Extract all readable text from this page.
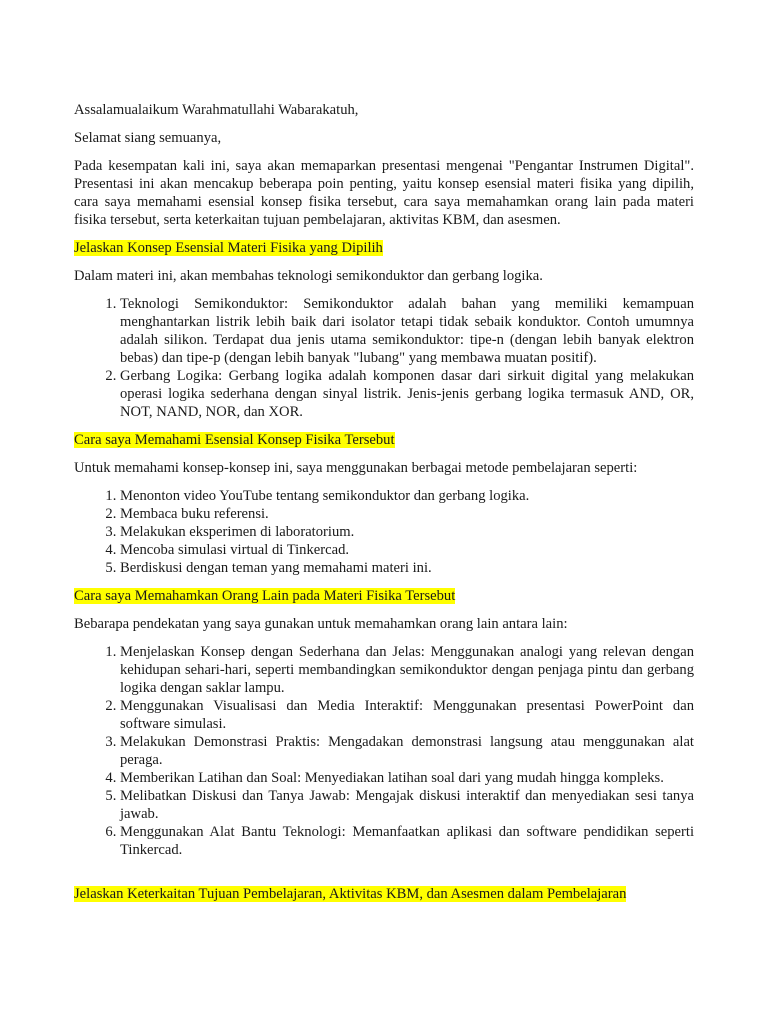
Assalamualaikum Warahmatullahi Wabarakatuh,

Selamat siang semuanya,

Pada kesempatan kali ini, saya akan memaparkan presentasi mengenai "Pengantar Instrumen Digital". Presentasi ini akan mencakup beberapa poin penting, yaitu konsep esensial materi fisika yang dipilih, cara saya memahami esensial konsep fisika tersebut, cara saya memahamkan orang lain pada materi fisika tersebut, serta keterkaitan tujuan pembelajaran, aktivitas KBM, dan asesmen.

Jelaskan Konsep Esensial Materi Fisika yang Dipilih

Dalam materi ini, akan membahas teknologi semikonduktor dan gerbang logika.

1. Teknologi Semikonduktor: Semikonduktor adalah bahan yang memiliki kemampuan menghantarkan listrik lebih baik dari isolator tetapi tidak sebaik konduktor. Contoh umumnya adalah silikon. Terdapat dua jenis utama semikonduktor: tipe-n (dengan lebih banyak elektron bebas) dan tipe-p (dengan lebih banyak "lubang" yang membawa muatan positif).
2. Gerbang Logika: Gerbang logika adalah komponen dasar dari sirkuit digital yang melakukan operasi logika sederhana dengan sinyal listrik. Jenis-jenis gerbang logika termasuk AND, OR, NOT, NAND, NOR, dan XOR.

Cara saya Memahami Esensial Konsep Fisika Tersebut

Untuk memahami konsep-konsep ini, saya menggunakan berbagai metode pembelajaran seperti:

1. Menonton video YouTube tentang semikonduktor dan gerbang logika.
2. Membaca buku referensi.
3. Melakukan eksperimen di laboratorium.
4. Mencoba simulasi virtual di Tinkercad.
5. Berdiskusi dengan teman yang memahami materi ini.

Cara saya Memahamkan Orang Lain pada Materi Fisika Tersebut

Bebarapa pendekatan yang saya gunakan untuk memahamkan orang lain antara lain:

1. Menjelaskan Konsep dengan Sederhana dan Jelas: Menggunakan analogi yang relevan dengan kehidupan sehari-hari, seperti membandingkan semikonduktor dengan penjaga pintu dan gerbang logika dengan saklar lampu.
2. Menggunakan Visualisasi dan Media Interaktif: Menggunakan presentasi PowerPoint dan software simulasi.
3. Melakukan Demonstrasi Praktis: Mengadakan demonstrasi langsung atau menggunakan alat peraga.
4. Memberikan Latihan dan Soal: Menyediakan latihan soal dari yang mudah hingga kompleks.
5. Melibatkan Diskusi dan Tanya Jawab: Mengajak diskusi interaktif dan menyediakan sesi tanya jawab.
6. Menggunakan Alat Bantu Teknologi: Memanfaatkan aplikasi dan software pendidikan seperti Tinkercad.

Jelaskan Keterkaitan Tujuan Pembelajaran, Aktivitas KBM, dan Asesmen dalam Pembelajaran
